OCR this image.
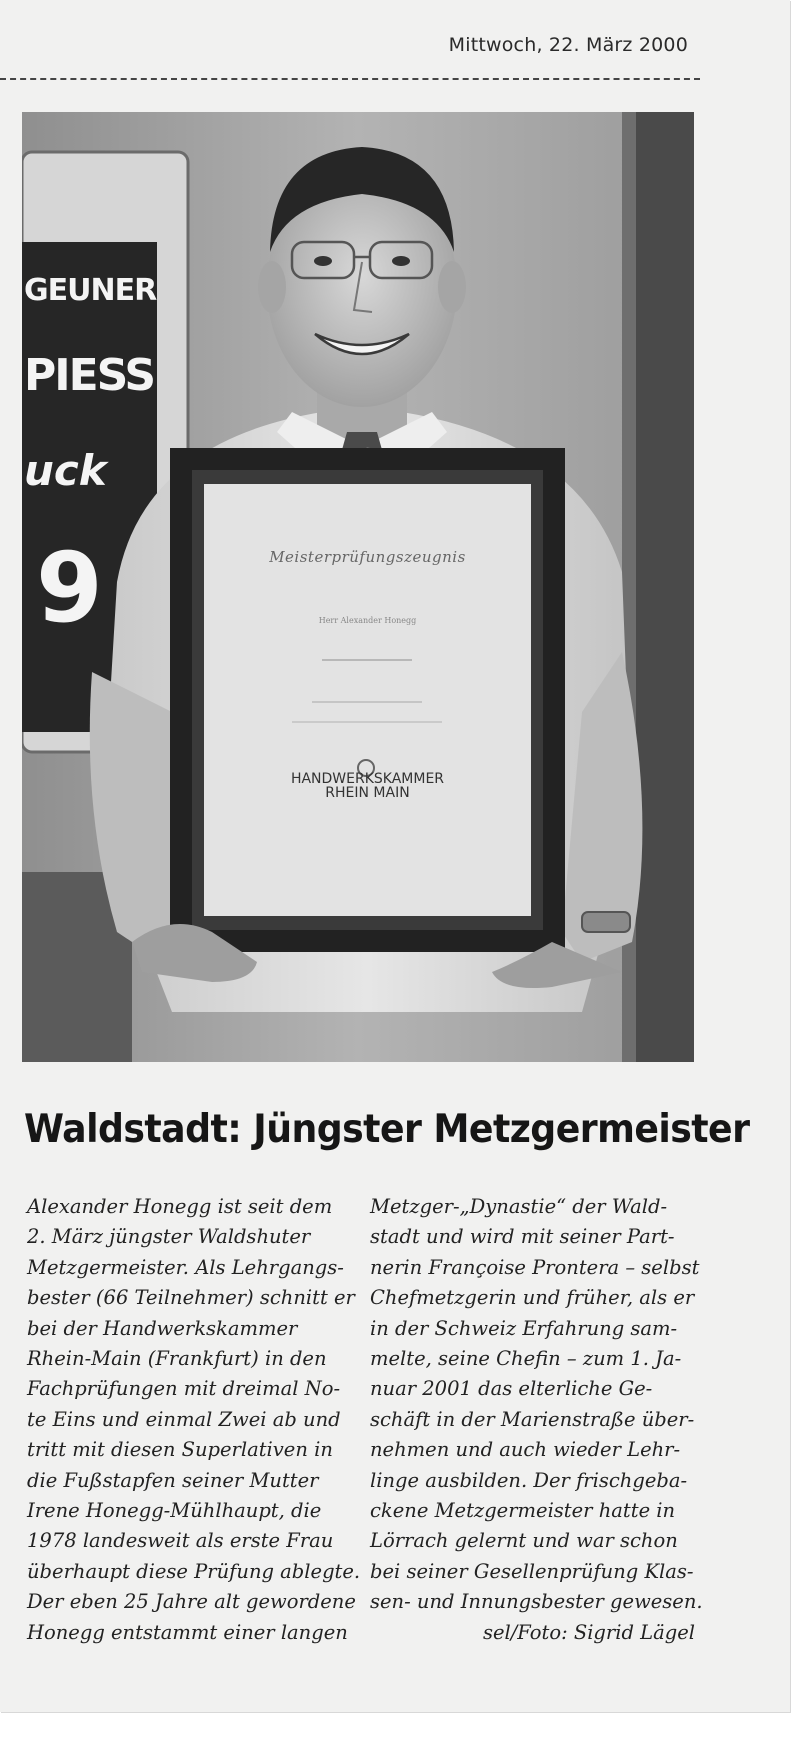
Mittwoch, 22. März 2000
GEUNER
PIESS
uck
9	Meisterprüfungszeugnis
Herr Alexander Honegg
HANDWERKSKAMMER
RHEIN MAIN
Waldstadt: Jüngster Metzgermeister
Alexander Honegg ist seit dem
2. März jüngster Waldshuter
Metzgermeister. Als Lehrgangs-
bester (66 Teilnehmer) schnitt er
bei der Handwerkskammer
Rhein-Main (Frankfurt) in den
Fachprüfungen mit dreimal No-
te Eins und einmal Zwei ab und
tritt mit diesen Superlativen in
die Fußstapfen seiner Mutter
Irene Honegg-Mühlhaupt, die
1978 landesweit als erste Frau
überhaupt diese Prüfung ablegte.
Der eben 25 Jahre alt gewordene
Honegg entstammt einer langen
Metzger-„Dynastie“ der Wald-
stadt und wird mit seiner Part-
nerin Françoise Prontera – selbst
Chefmetzgerin und früher, als er
in der Schweiz Erfahrung sam-
melte, seine Chefin – zum 1. Ja-
nuar 2001 das elterliche Ge-
schäft in der Marienstraße über-
nehmen und auch wieder Lehr-
linge ausbilden. Der frischgeba-
ckene Metzgermeister hatte in
Lörrach gelernt und war schon
bei seiner Gesellenprüfung Klas-
sen- und Innungsbester gewesen.
sel/Foto: Sigrid Lägel
